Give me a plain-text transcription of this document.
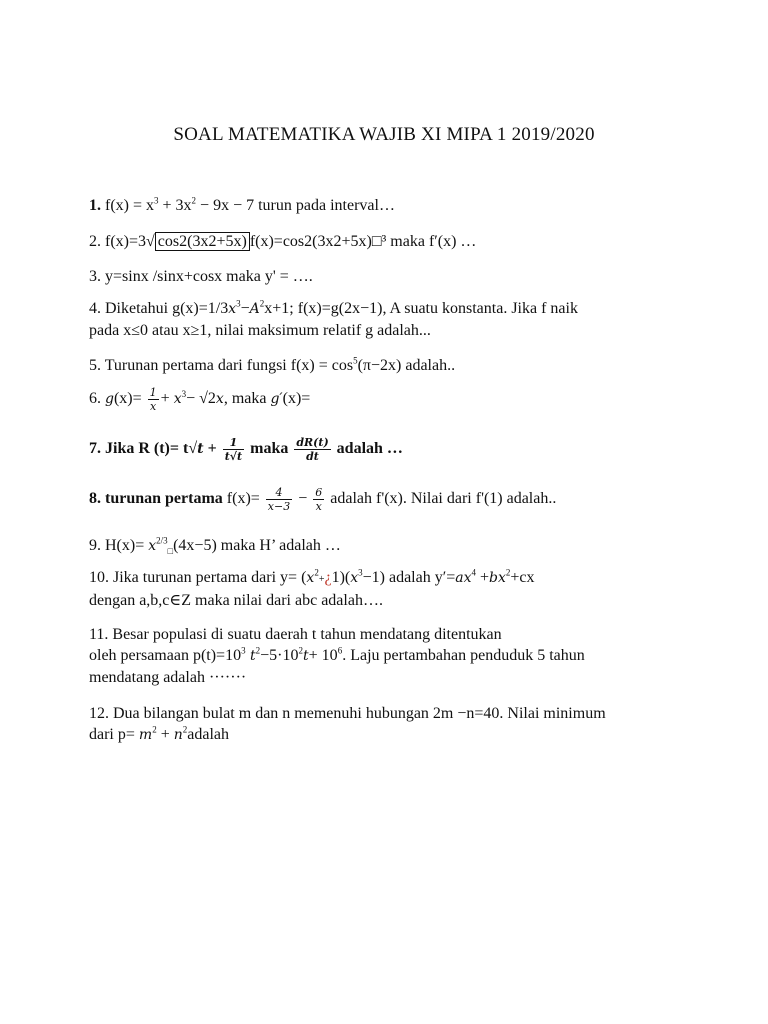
SOAL MATEMATIKA WAJIB XI MIPA 1 2019/2020
1. $f(x) = x^3 + 3x^2 - 9x - 7$ turun pada interval…
2. f(x)=3√ cos2(3x2+5x) f(x)=cos2(3x2+5x)□³ maka f′(x) …
3. y=sinx /sinx+cosx maka y' = ….
4. Diketahui $g(x)=1/3x^3-A^2x+1$; f(x)=g(2x−1), A suatu konstanta. Jika f naik
pada x≤0 atau x≥1, nilai maksimum relatif g adalah...
5. Turunan pertama dari fungsi $f(x) = \cos^5(\pi-2x)$ adalah..
6. $g(x)= \frac{1}{x} + x^3- √2x$, maka g′(x)=
7. Jika R $(t)= t√t + \frac{1}{t√t}$ maka $\frac{dR(t)}{dt}$ adalah …
8. turunan pertama $f(x)= \frac{4}{x-3} - \frac{6}{x}$ adalah f'(x). Nilai dari f'(1) adalah..
9. $H(x)= x^{2/3}_□(4x-5)$ maka H’ adalah …
10. Jika turunan pertama dari $y= (x^2+¿1)(x^3-1)$ adalah $y'=ax^4 +bx^2+cx$
dengan a,b,c∈Z maka nilai dari abc adalah….
11. Besar populasi di suatu daerah t tahun mendatang ditentukan
oleh persamaan $p(t)=10^3$ $t^2-5\cdot 10^2t+ 10^6$. Laju pertambahan penduduk 5 tahun
mendatang adalah ·······
12. Dua bilangan bulat m dan n memenuhi hubungan 2m −n=40. Nilai minimum
dari $p= m^2$ + $n^2adalah$
